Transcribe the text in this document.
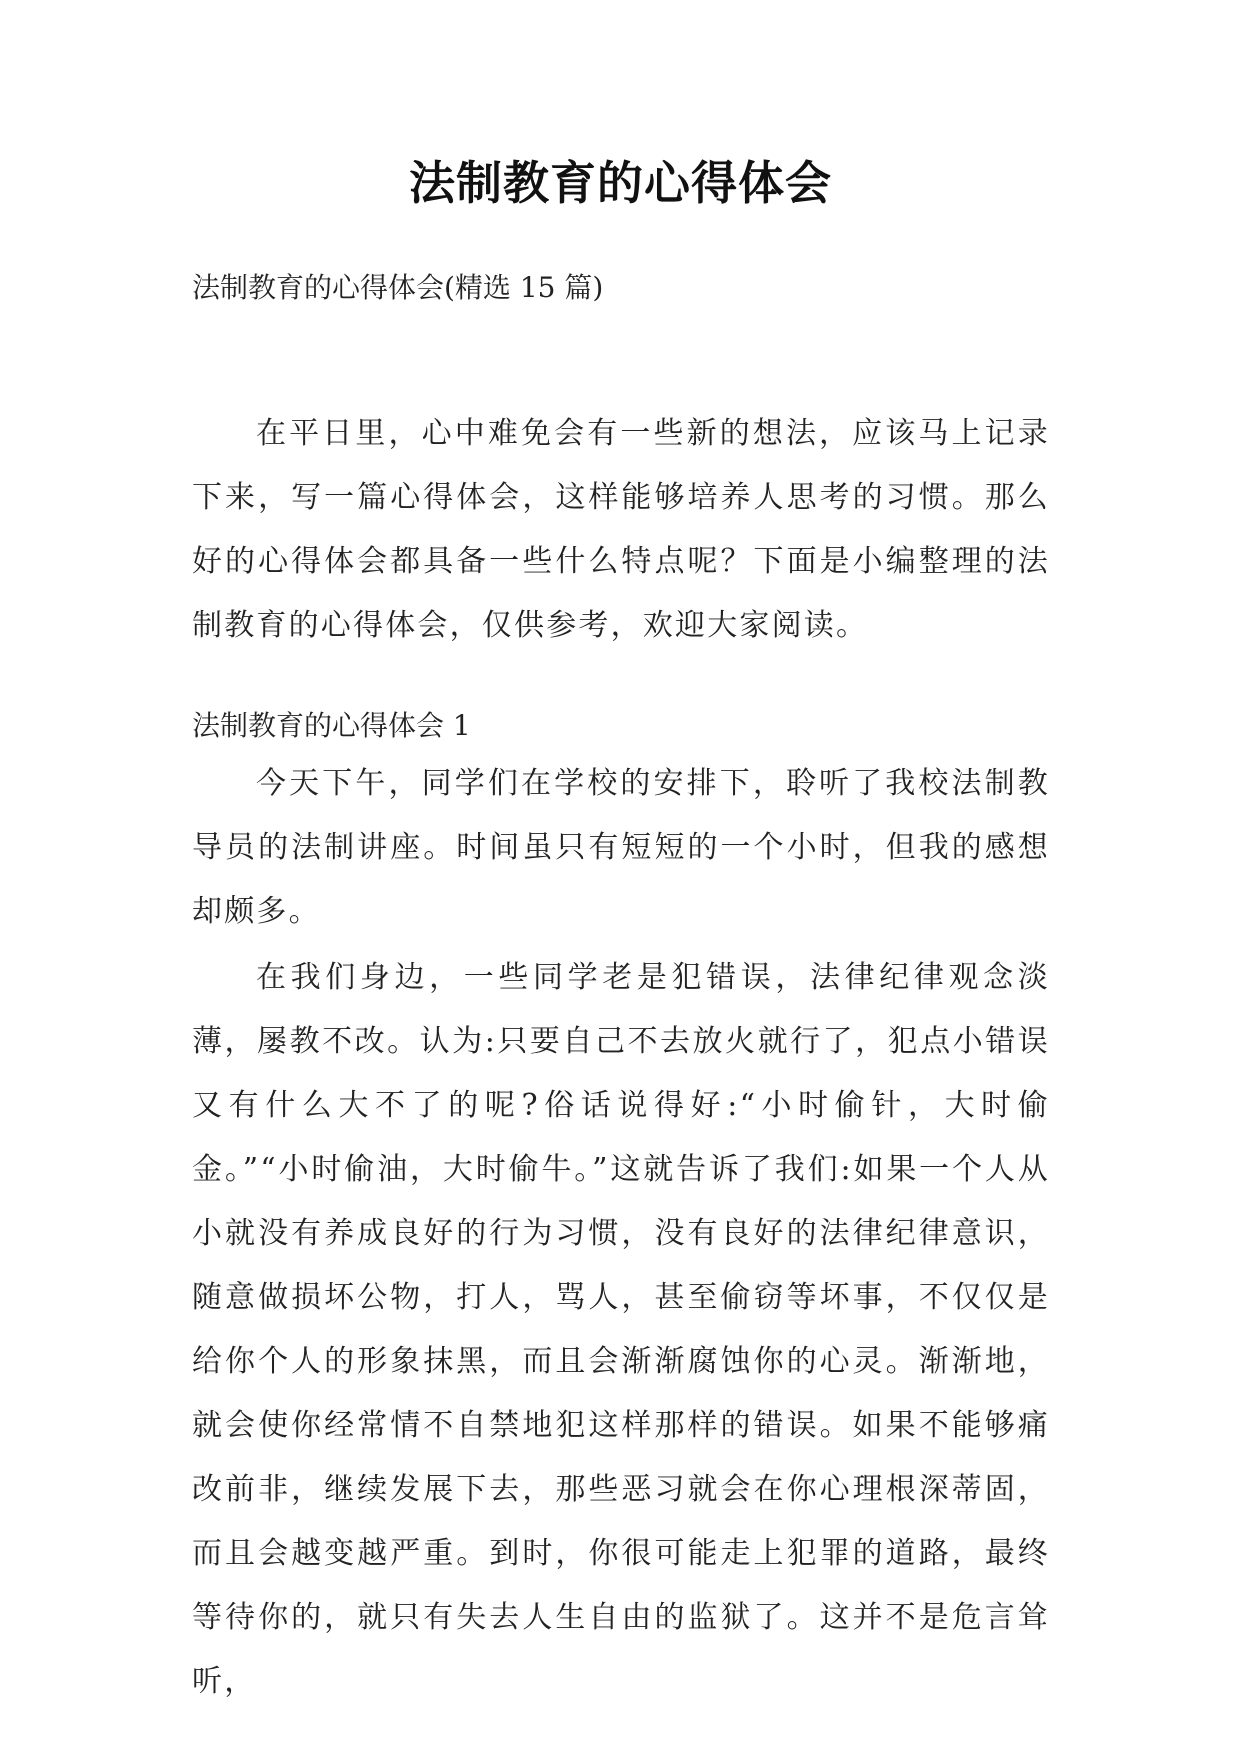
法制教育的心得体会
法制教育的心得体会(精选 15 篇)

在平日里，心中难免会有一些新的想法，应该马上记录下来，写一篇心得体会，这样能够培养人思考的习惯。那么好的心得体会都具备一些什么特点呢？下面是小编整理的法制教育的心得体会，仅供参考，欢迎大家阅读。

法制教育的心得体会 1

今天下午，同学们在学校的安排下，聆听了我校法制教导员的法制讲座。时间虽只有短短的一个小时，但我的感想却颇多。

在我们身边，一些同学老是犯错误，法律纪律观念淡薄，屡教不改。认为:只要自己不去放火就行了，犯点小错误又有什么大不了的呢?俗话说得好:“小时偷针，大时偷金。”“小时偷油，大时偷牛。”这就告诉了我们:如果一个人从小就没有养成良好的行为习惯，没有良好的法律纪律意识，随意做损坏公物，打人，骂人，甚至偷窃等坏事，不仅仅是给你个人的形象抹黑，而且会渐渐腐蚀你的心灵。渐渐地，就会使你经常情不自禁地犯这样那样的错误。如果不能够痛改前非，继续发展下去，那些恶习就会在你心理根深蒂固，而且会越变越严重。到时，你很可能走上犯罪的道路，最终等待你的，就只有失去人生自由的监狱了。这并不是危言耸听，
